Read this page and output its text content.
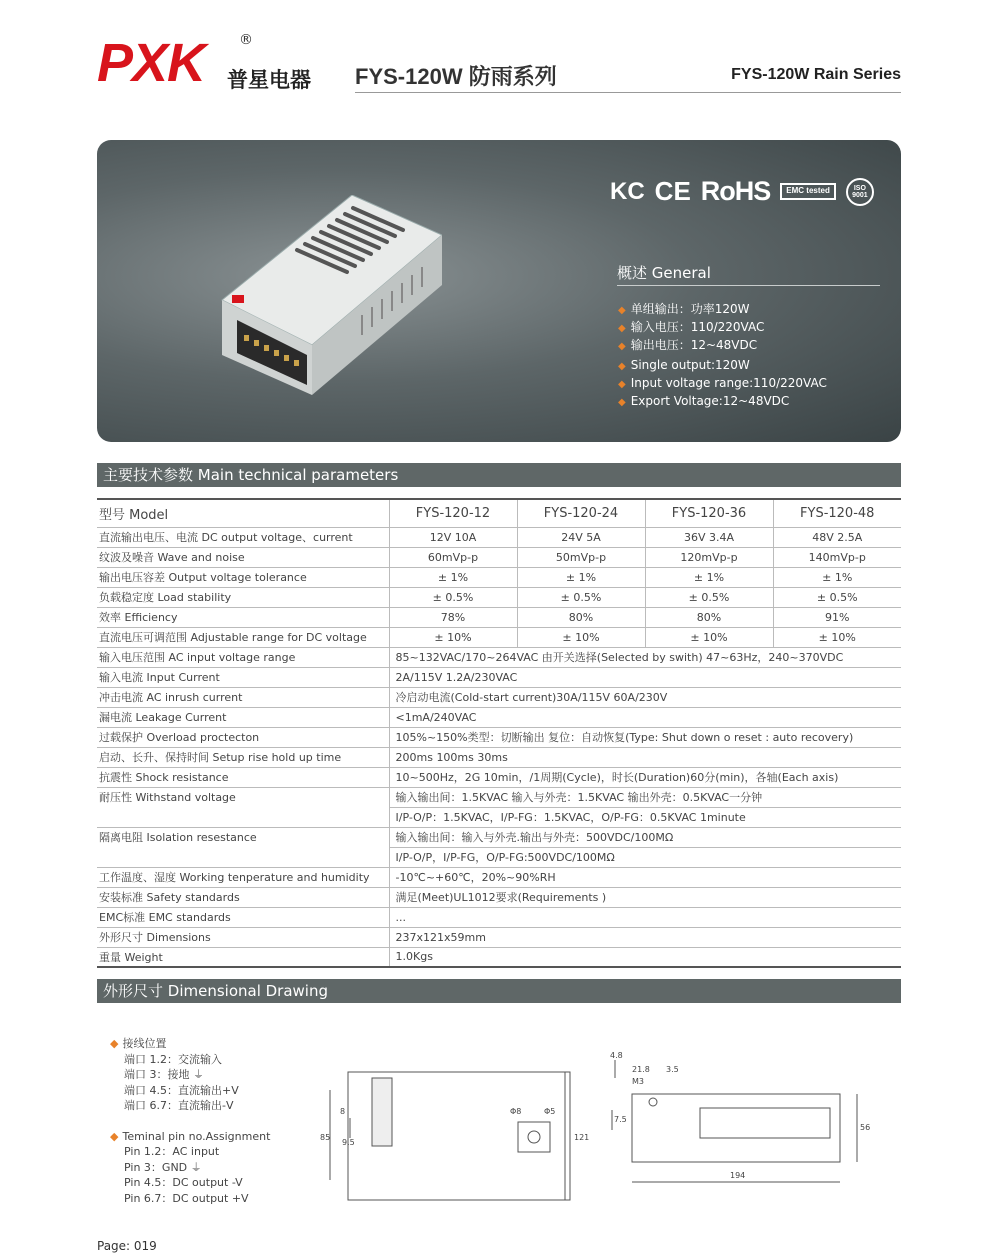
PXK ®
普星电器 FYS-120W 防雨系列	FYS-120W Rain Series
KC CE RoHS	EMC tested	ISO 9001
概述 General
◆ 单组输出：功率120W
◆ 输入电压：110/220VAC
◆ 输出电压：12~48VDC
◆ Single output:120W
◆ Input voltage range:110/220VAC
◆ Export Voltage:12~48VDC
主要技术参数 Main technical parameters
型号 Model	FYS-120-12	FYS-120-24	FYS-120-36	FYS-120-48
直流输出电压、电流 DC output voltage、current	12V 10A	24V 5A	36V 3.4A	48V 2.5A
纹波及噪音 Wave and noise	60mVp-p	50mVp-p	120mVp-p	140mVp-p
输出电压容差 Output voltage tolerance	± 1%	± 1%	± 1%	± 1%
负载稳定度 Load stability	± 0.5%	± 0.5%	± 0.5%	± 0.5%
效率 Efficiency	78%	80%	80%	91%
直流电压可调范围 Adjustable range for DC voltage	± 10%	± 10%	± 10%	± 10%
输入电压范围 AC input voltage range	85~132VAC/170~264VAC 由开关选择(Selected by swith) 47~63Hz，240~370VDC			
输入电流 Input Current	2A/115V 1.2A/230VAC			
冲击电流 AC inrush current	冷启动电流(Cold-start current)30A/115V 60A/230V			
漏电流 Leakage Current	<1mA/240VAC			
过载保护 Overload proctecton	105%~150%类型：切断输出 复位：自动恢复(Type: Shut down o reset : auto recovery)			
启动、长升、保持时间 Setup rise hold up time	200ms 100ms 30ms			
抗震性 Shock resistance	10~500Hz，2G 10min，/1周期(Cycle)，时长(Duration)60分(min)，各轴(Each axis)			
耐压性 Withstand voltage	输入输出间：1.5KVAC 输入与外壳：1.5KVAC 输出外壳：0.5KVAC一分钟			
	I/P-O/P：1.5KVAC，I/P-FG：1.5KVAC，O/P-FG：0.5KVAC 1minute			
隔离电阻 Isolation resestance	输入输出间：输入与外壳.输出与外壳：500VDC/100MΩ			
	I/P-O/P，I/P-FG，O/P-FG:500VDC/100MΩ			
工作温度、湿度 Working tenperature and humidity	-10℃~+60℃，20%~90%RH			
安装标准 Safety standards	满足(Meet)UL1012要求(Requirements )			
EMC标准 EMC standards	...			
外形尺寸 Dimensions	237x121x59mm			
重量 Weight	1.0Kgs			
外形尺寸 Dimensional Drawing
◆ 接线位置
端口 1.2：交流输入
端口 3：接地 ⏚
端口 4.5：直流输出+V
端口 6.7：直流输出-V
◆ Teminal pin no.Assignment
Pin 1.2：AC input
Pin 3：GND ⏚
Pin 4.5：DC output -V
Pin 6.7：DC output +V
85
8
9.5
121
Φ8	Φ5
4.8
21.8 3.5
M3
7.5
56
194
Page: 019
